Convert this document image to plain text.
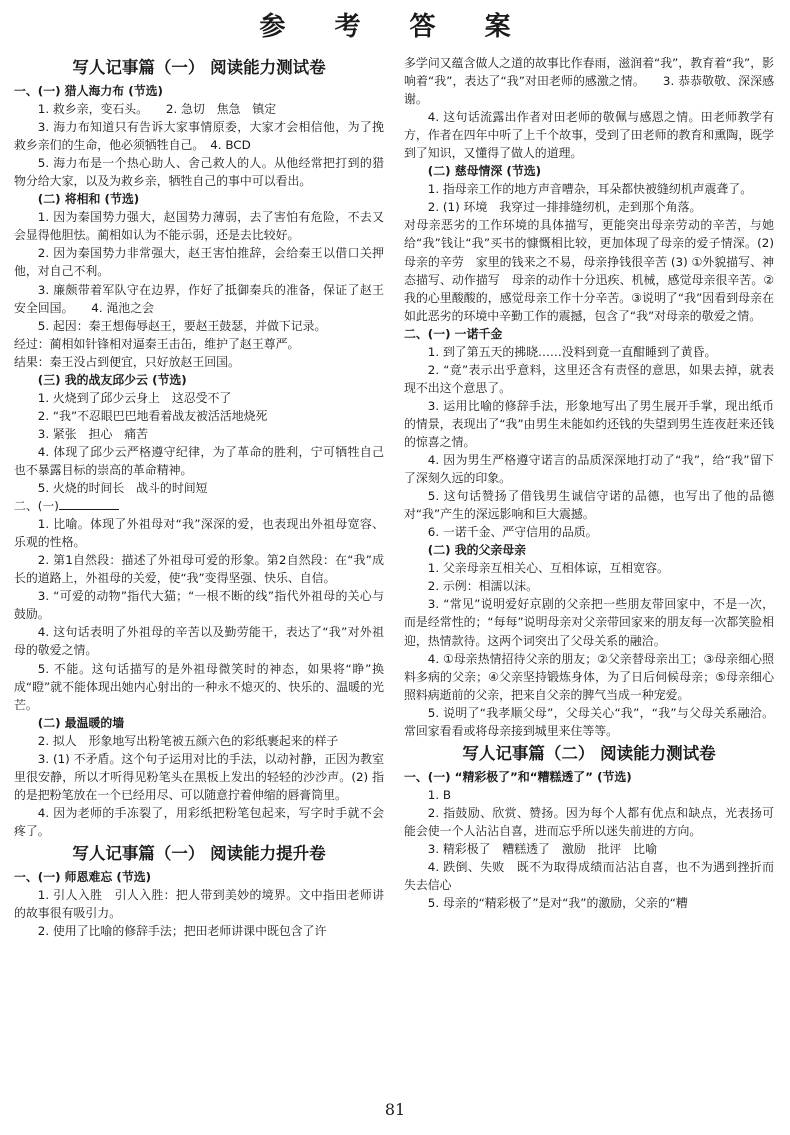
参 考 答 案
写人记事篇（一） 阅读能力测试卷

一、(一) 猎人海力布 (节选)

1. 救乡亲，变石头。　　2. 急切　焦急　镇定

3. 海力布知道只有告诉大家事情原委，大家才会相信他，为了挽救乡亲们的生命，他必须牺牲自己。　4. BCD

5. 海力布是一个热心助人、舍己救人的人。从他经常把打到的猎物分给大家，以及为救乡亲，牺牲自己的事中可以看出。

(二) 将相和 (节选)

1. 因为秦国势力强大，赵国势力薄弱，去了害怕有危险，不去又会显得他胆怯。蔺相如认为不能示弱，还是去比较好。

2. 因为秦国势力非常强大，赵王害怕推辞，会给秦王以借口关押他，对自己不利。

3. 廉颇带着军队守在边界，作好了抵御秦兵的准备，保证了赵王安全回国。　　4. 渑池之会

5. 起因：秦王想侮辱赵王，要赵王鼓瑟，并做下记录。

经过：蔺相如针锋相对逼秦王击缶，维护了赵王尊严。

结果：秦王没占到便宜，只好放赵王回国。

(三) 我的战友邱少云 (节选)

1. 火烧到了邱少云身上　这忍受不了

2. “我”不忍眼巴巴地看着战友被活活地烧死

3. 紧张　担心　痛苦

4. 体现了邱少云严格遵守纪律，为了革命的胜利，宁可牺牲自己也不暴露目标的崇高的革命精神。

5. 火烧的时间长　战斗的时间短

二、(一)

1. 比喻。体现了外祖母对“我”深深的爱，也表现出外祖母宽容、乐观的性格。

2. 第1自然段：描述了外祖母可爱的形象。第2自然段：在“我”成长的道路上，外祖母的关爱，使“我”变得坚强、快乐、自信。

3. “可爱的动物”指代大猫；“一根不断的线”指代外祖母的关心与鼓励。

4. 这句话表明了外祖母的辛苦以及勤劳能干，表达了“我”对外祖母的敬爱之情。

5. 不能。这句话描写的是外祖母微笑时的神态，如果将“睁”换成“瞪”就不能体现出她内心射出的一种永不熄灭的、快乐的、温暖的光芒。

(二) 最温暖的墙

2. 拟人　形象地写出粉笔被五颜六色的彩纸裹起来的样子

3. (1) 不矛盾。这个句子运用对比的手法，以动衬静，正因为教室里很安静，所以才听得见粉笔头在黑板上发出的轻轻的沙沙声。(2) 指的是把粉笔放在一个已经用尽、可以随意拧着伸缩的唇膏筒里。

4. 因为老师的手冻裂了，用彩纸把粉笔包起来，写字时手就不会疼了。

写人记事篇（一） 阅读能力提升卷

一、(一) 师恩难忘 (节选)

1. 引人入胜　引人入胜：把人带到美妙的境界。文中指田老师讲的故事很有吸引力。

2. 使用了比喻的修辞手法；把田老师讲课中既包含了许

多学问又蕴含做人之道的故事比作春雨，滋润着“我”，教育着“我”，影响着“我”，表达了“我”对田老师的感激之情。　　3. 恭恭敬敬、深深感谢。

4. 这句话流露出作者对田老师的敬佩与感恩之情。田老师教学有方，作者在四年中听了上千个故事，受到了田老师的教育和熏陶，既学到了知识，又懂得了做人的道理。

(二) 慈母情深 (节选)

1. 指母亲工作的地方声音嘈杂，耳朵都快被缝纫机声震聋了。

2. (1) 环境　我穿过一排排缝纫机，走到那个角落。

对母亲恶劣的工作环境的具体描写，更能突出母亲劳动的辛苦，与她给“我”钱让“我”买书的慷慨相比较，更加体现了母亲的爱子情深。(2) 母亲的辛劳　家里的钱来之不易，母亲挣钱很辛苦 (3) ①外貌描写、神态描写、动作描写　母亲的动作十分迅疾、机械，感觉母亲很辛苦。②我的心里酸酸的，感觉母亲工作十分辛苦。③说明了“我”因看到母亲在如此恶劣的环境中辛勤工作的震撼，包含了“我”对母亲的敬爱之情。

二、(一) 一诺千金

1. 到了第五天的拂晓……没料到竟一直酣睡到了黄昏。

2. “竟”表示出乎意料，这里还含有责怪的意思，如果去掉，就表现不出这个意思了。

3. 运用比喻的修辞手法，形象地写出了男生展开手掌，现出纸币的情景，表现出了“我”由男生未能如约还钱的失望到男生连夜赶来还钱的惊喜之情。

4. 因为男生严格遵守诺言的品质深深地打动了“我”，给“我”留下了深刻久远的印象。

5. 这句话赞扬了借钱男生诚信守诺的品德，也写出了他的品德对“我”产生的深远影响和巨大震撼。

6. 一诺千金、严守信用的品质。

(二) 我的父亲母亲

1. 父亲母亲互相关心、互相体谅，互相宽容。

2. 示例：相濡以沫。

3. “常见”说明爱好京剧的父亲把一些朋友带回家中，不是一次，而是经常性的；“每每”说明母亲对父亲带回家来的朋友每一次都笑脸相迎，热情款待。这两个词突出了父母关系的融洽。

4. ①母亲热情招待父亲的朋友；②父亲替母亲出工；③母亲细心照料多病的父亲；④父亲坚持锻炼身体，为了日后伺候母亲；⑤母亲细心照料病逝前的父亲，把来自父亲的脾气当成一种宠爱。

5. 说明了“我孝顺父母”，父母关心“我”，“我”与父母关系融洽。常回家看看或将母亲接到城里来住等等。

写人记事篇（二） 阅读能力测试卷

一、(一) “精彩极了”和“糟糕透了” (节选)

1. B

2. 指鼓励、欣赏、赞扬。因为每个人都有优点和缺点，光表扬可能会使一个人沾沾自喜，进而忘乎所以迷失前进的方向。

3. 精彩极了　糟糕透了　激励　批评　比喻

4. 跌倒、失败　既不为取得成绩而沾沾自喜，也不为遇到挫折而失去信心

5. 母亲的“精彩极了”是对“我”的激励，父亲的“糟

81
